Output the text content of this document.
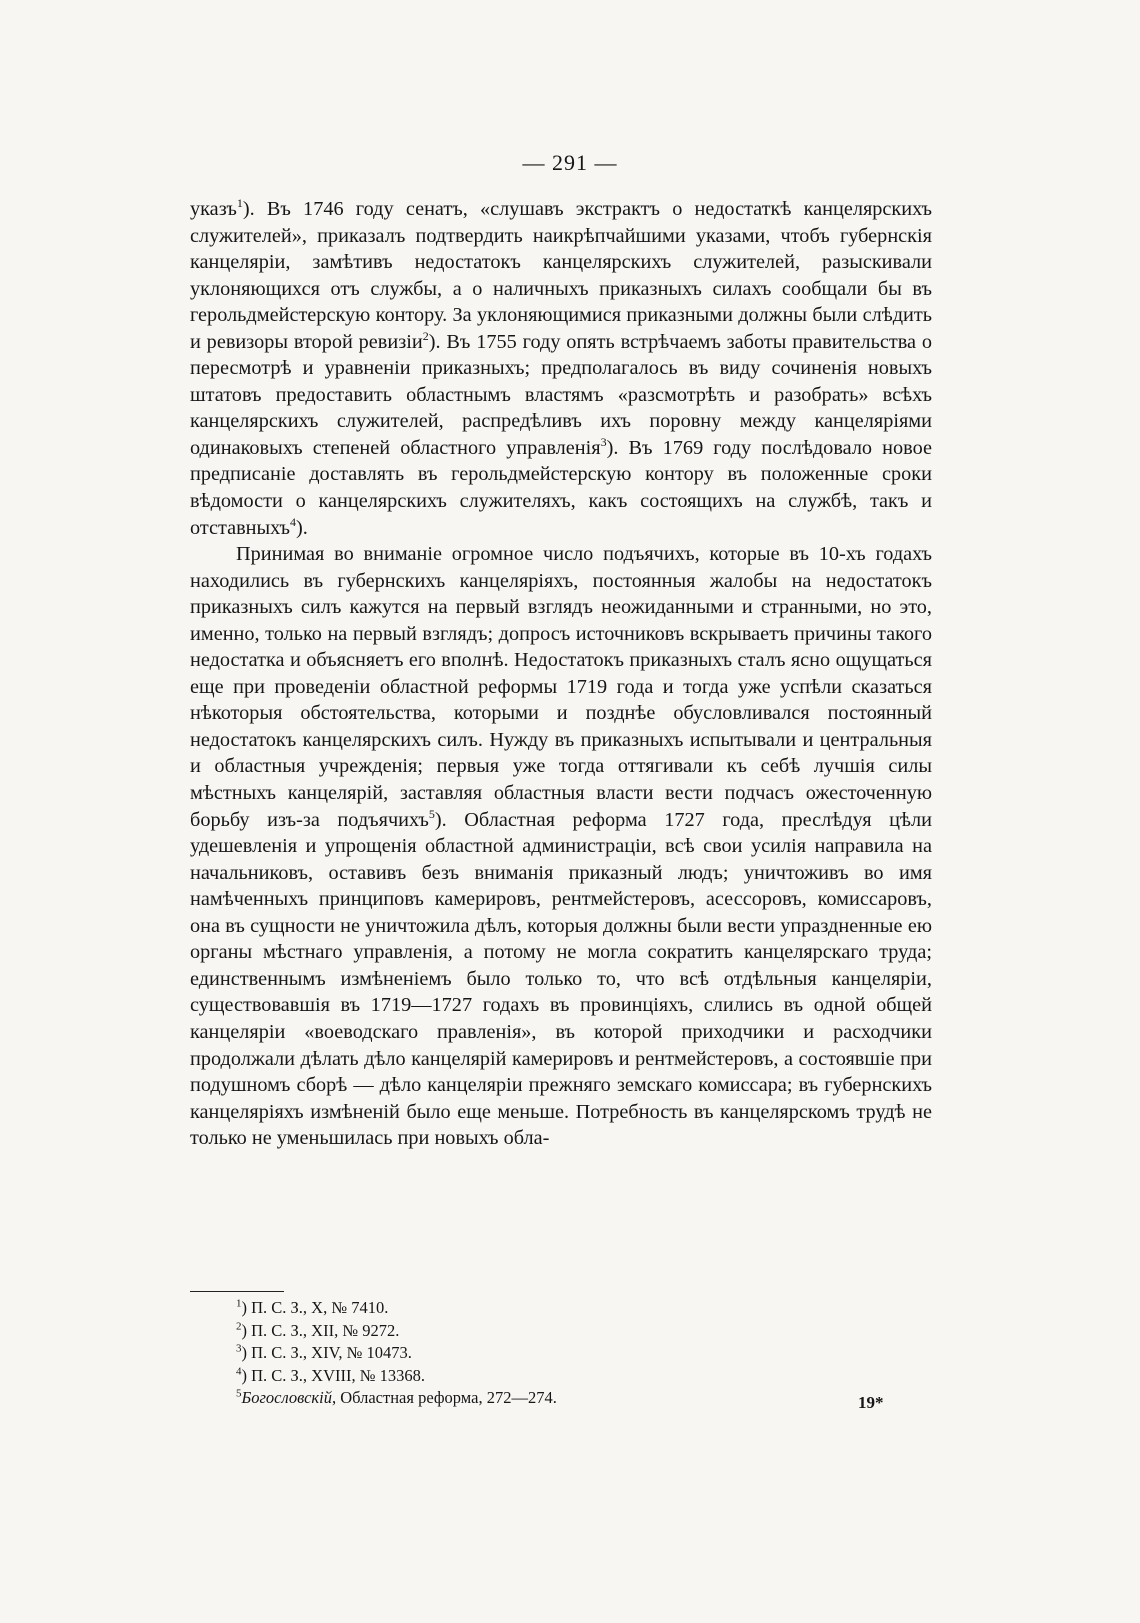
— 291 —

указъ$^1$). Въ 1746 году сенатъ, «слушавъ экстрактъ о недостаткѣ канцелярскихъ служителей», приказалъ подтвердить наикрѣпчайшими указами, чтобъ губернскія канцеляріи, замѣтивъ недостатокъ канцелярскихъ служителей, разыскивали уклоняющихся отъ службы, а о наличныхъ приказныхъ силахъ сообщали бы въ герольдмейстерскую контору. За уклоняющимися приказными должны были слѣдить и ревизоры второй ревизіи$^2$). Въ 1755 году опять встрѣчаемъ заботы правительства о пересмотрѣ и уравненіи приказныхъ; предполагалось въ виду сочиненія новыхъ штатовъ предоставить областнымъ властямъ «разсмотрѣть и разобрать» всѣхъ канцелярскихъ служителей, распредѣливъ ихъ поровну между канцеляріями одинаковыхъ степеней областного управленія$^3$). Въ 1769 году послѣдовало новое предписаніе доставлять въ герольдмейстерскую контору въ положенные сроки вѣдомости о канцелярскихъ служителяхъ, какъ состоящихъ на службѣ, такъ и отставныхъ$^4$).

Принимая во вниманіе огромное число подъячихъ, которые въ 10-хъ годахъ находились въ губернскихъ канцеляріяхъ, постоянныя жалобы на недостатокъ приказныхъ силъ кажутся на первый взглядъ неожиданными и странными, но это, именно, только на первый взглядъ; допросъ источниковъ вскрываетъ причины такого недостатка и объясняетъ его вполнѣ. Недостатокъ приказныхъ сталъ ясно ощущаться еще при проведеніи областной реформы 1719 года и тогда уже успѣли сказаться нѣкоторыя обстоятельства, которыми и позднѣе обусловливался постоянный недостатокъ канцелярскихъ силъ. Нужду въ приказныхъ испытывали и центральныя и областныя учрежденія; первыя уже тогда оттягивали къ себѣ лучшія силы мѣстныхъ канцелярій, заставляя областныя власти вести подчасъ ожесточенную борьбу изъ-за подъячихъ$^5$). Областная реформа 1727 года, преслѣдуя цѣли удешевленія и упрощенія областной администраціи, всѣ свои усилія направила на начальниковъ, оставивъ безъ вниманія приказный людъ; уничтоживъ во имя намѣченныхъ принциповъ камерировъ, рентмейстеровъ, асессоровъ, комиссаровъ, она въ сущности не уничтожила дѣлъ, которыя должны были вести упраздненные ею органы мѣстнаго управленія, а потому не могла сократить канцелярскаго труда; единственнымъ измѣненіемъ было только то, что всѣ отдѣльныя канцеляріи, существовавшія въ 1719—1727 годахъ въ провинціяхъ, слились въ одной общей канцеляріи «воеводскаго правленія», въ которой приходчики и расходчики продолжали дѣлать дѣло канцелярій камерировъ и рентмейстеровъ, а состоявшіе при подушномъ сборѣ — дѣло канцеляріи прежняго земскаго комиссара; въ губернскихъ канцеляріяхъ измѣненій было еще меньше. Потребность въ канцелярскомъ трудѣ не только не уменьшилась при новыхъ обла-

$^1$) П. С. З., X, № 7410.

$^2$) П. С. З., XII, № 9272.

$^3$) П. С. З., XIV, № 10473.

$^4$) П. С. З., XVIII, № 13368.

$^5$Богословскій, Областная реформа, 272—274.	19*
